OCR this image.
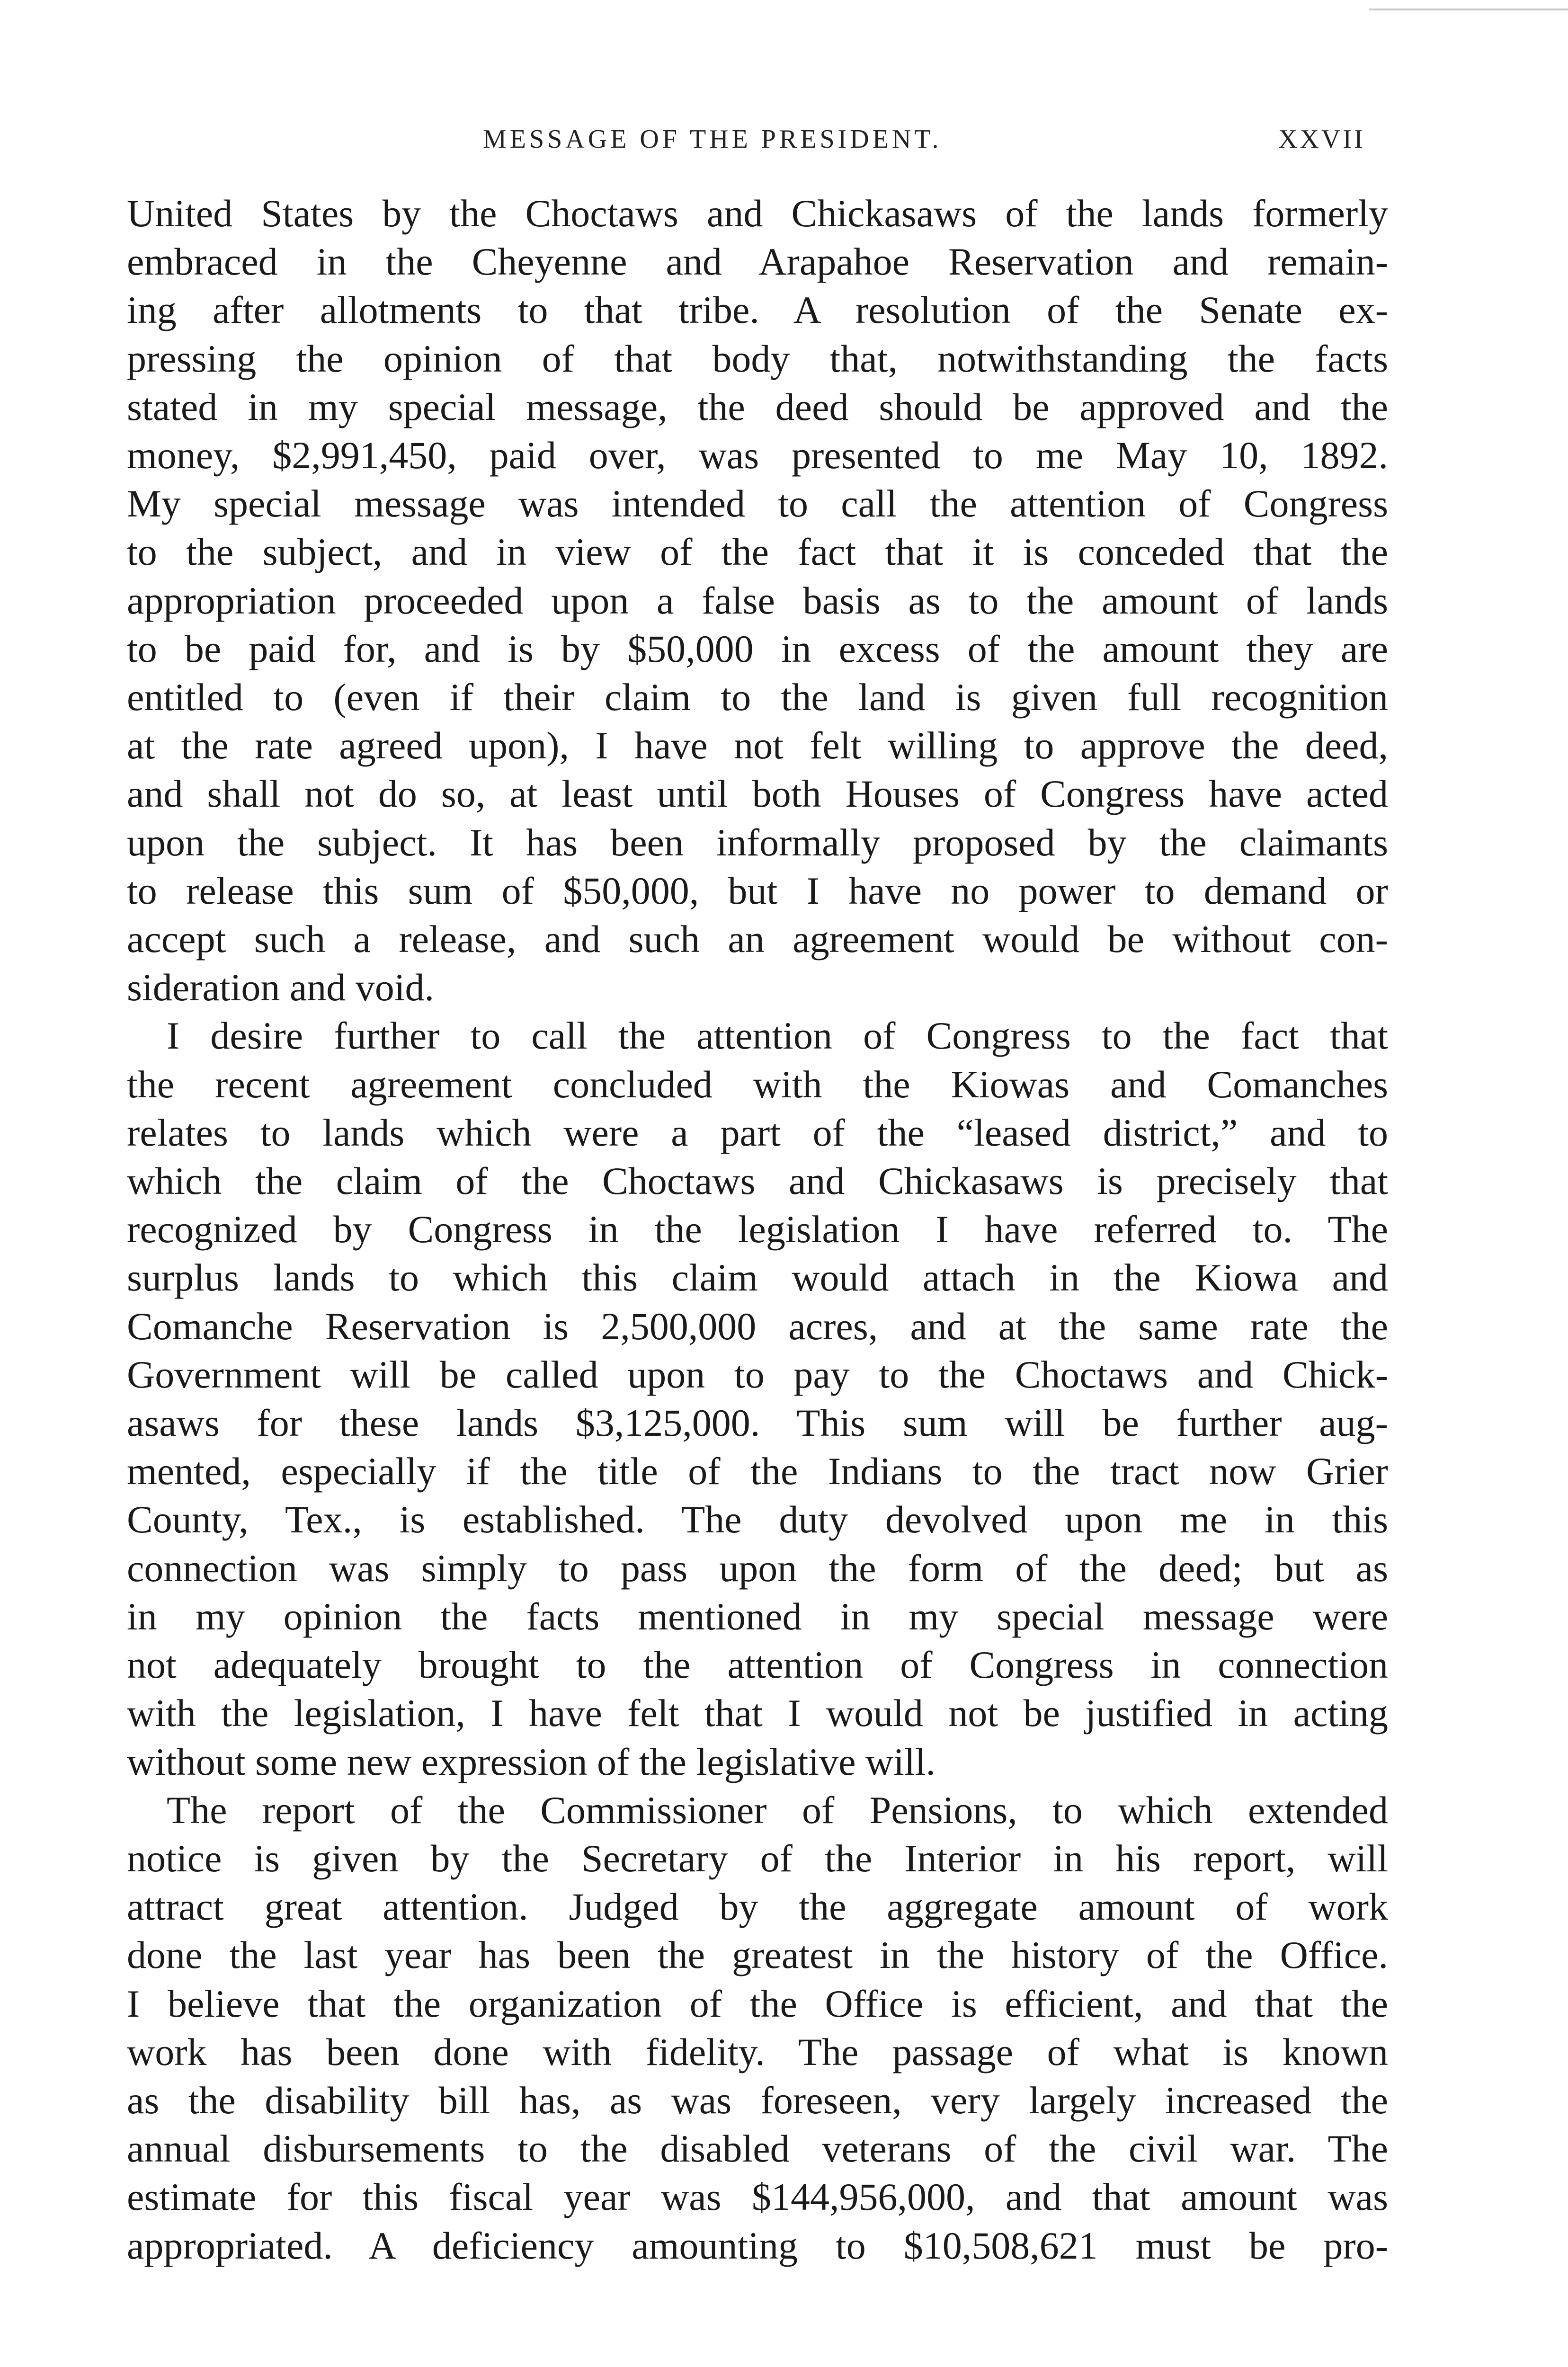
MESSAGE OF THE PRESIDENT.	XXVII
United States by the Choctaws and Chickasaws of the lands formerly
embraced in the Cheyenne and Arapahoe Reservation and remain-
ing after allotments to that tribe. A resolution of the Senate ex-
pressing the opinion of that body that, notwithstanding the facts
stated in my special message, the deed should be approved and the
money, $2,991,450, paid over, was presented to me May 10, 1892.
My special message was intended to call the attention of Congress
to the subject, and in view of the fact that it is conceded that the
appropriation proceeded upon a false basis as to the amount of lands
to be paid for, and is by $50,000 in excess of the amount they are
entitled to (even if their claim to the land is given full recognition
at the rate agreed upon), I have not felt willing to approve the deed,
and shall not do so, at least until both Houses of Congress have acted
upon the subject. It has been informally proposed by the claimants
to release this sum of $50,000, but I have no power to demand or
accept such a release, and such an agreement would be without con-
sideration and void.
I desire further to call the attention of Congress to the fact that
the recent agreement concluded with the Kiowas and Comanches
relates to lands which were a part of the “leased district,” and to
which the claim of the Choctaws and Chickasaws is precisely that
recognized by Congress in the legislation I have referred to. The
surplus lands to which this claim would attach in the Kiowa and
Comanche Reservation is 2,500,000 acres, and at the same rate the
Government will be called upon to pay to the Choctaws and Chick-
asaws for these lands $3,125,000. This sum will be further aug-
mented, especially if the title of the Indians to the tract now Grier
County, Tex., is established. The duty devolved upon me in this
connection was simply to pass upon the form of the deed; but as
in my opinion the facts mentioned in my special message were
not adequately brought to the attention of Congress in connection
with the legislation, I have felt that I would not be justified in acting
without some new expression of the legislative will.
The report of the Commissioner of Pensions, to which extended
notice is given by the Secretary of the Interior in his report, will
attract great attention. Judged by the aggregate amount of work
done the last year has been the greatest in the history of the Office.
I believe that the organization of the Office is efficient, and that the
work has been done with fidelity. The passage of what is known
as the disability bill has, as was foreseen, very largely increased the
annual disbursements to the disabled veterans of the civil war. The
estimate for this fiscal year was $144,956,000, and that amount was
appropriated. A deficiency amounting to $10,508,621 must be pro-
